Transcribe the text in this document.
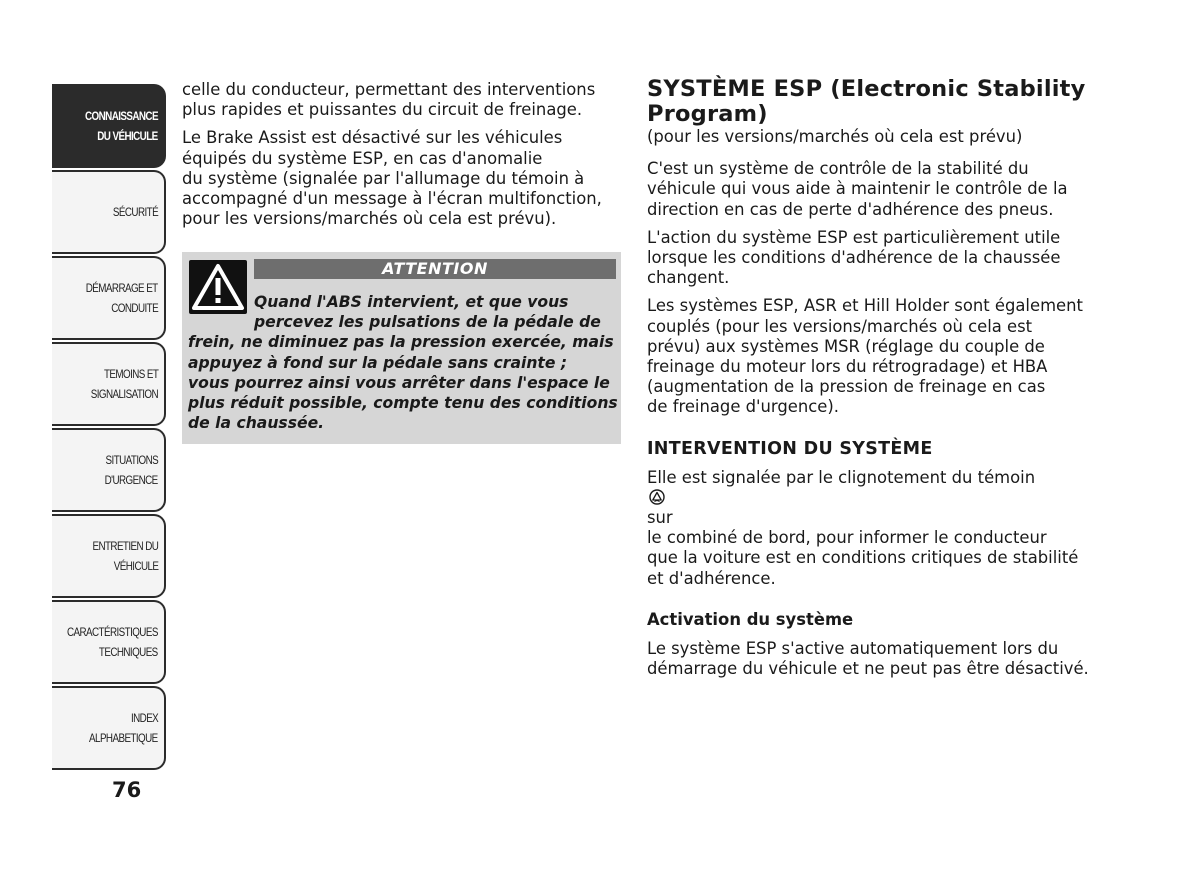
CONNAISSANCE
DU VÉHICULE
SÉCURITÉ
DÉMARRAGE ET
CONDUITE
TEMOINS ET
SIGNALISATION
SITUATIONS
D'URGENCE
ENTRETIEN DU
VÉHICULE
CARACTÉRISTIQUES
TECHNIQUES
INDEX
ALPHABETIQUE
76

celle du conducteur, permettant des interventions
plus rapides et puissantes du circuit de freinage.

Le Brake Assist est désactivé sur les véhicules
équipés du système ESP, en cas d'anomalie
du système (signalée par l'allumage du témoin à
accompagné d'un message à l'écran multifonction,
pour les versions/marchés où cela est prévu).

ATTENTION
Quand l'ABS intervient, et que vous
percevez les pulsations de la pédale de
frein, ne diminuez pas la pression exercée, mais
appuyez à fond sur la pédale sans crainte ;
vous pourrez ainsi vous arrêter dans l'espace le
plus réduit possible, compte tenu des conditions
de la chaussée.
SYSTÈME ESP (Electronic Stability
Program)

(pour les versions/marchés où cela est prévu)

C'est un système de contrôle de la stabilité du
véhicule qui vous aide à maintenir le contrôle de la
direction en cas de perte d'adhérence des pneus.

L'action du système ESP est particulièrement utile
lorsque les conditions d'adhérence de la chaussée
changent.

Les systèmes ESP, ASR et Hill Holder sont également
couplés (pour les versions/marchés où cela est
prévu) aux systèmes MSR (réglage du couple de
freinage du moteur lors du rétrogradage) et HBA
(augmentation de la pression de freinage en cas
de freinage d'urgence).

INTERVENTION DU SYSTÈME

Elle est signalée par le clignotement du témoin
sur
le combiné de bord, pour informer le conducteur
que la voiture est en conditions critiques de stabilité
et d'adhérence.

Activation du système

Le système ESP s'active automatiquement lors du
démarrage du véhicule et ne peut pas être désactivé.
